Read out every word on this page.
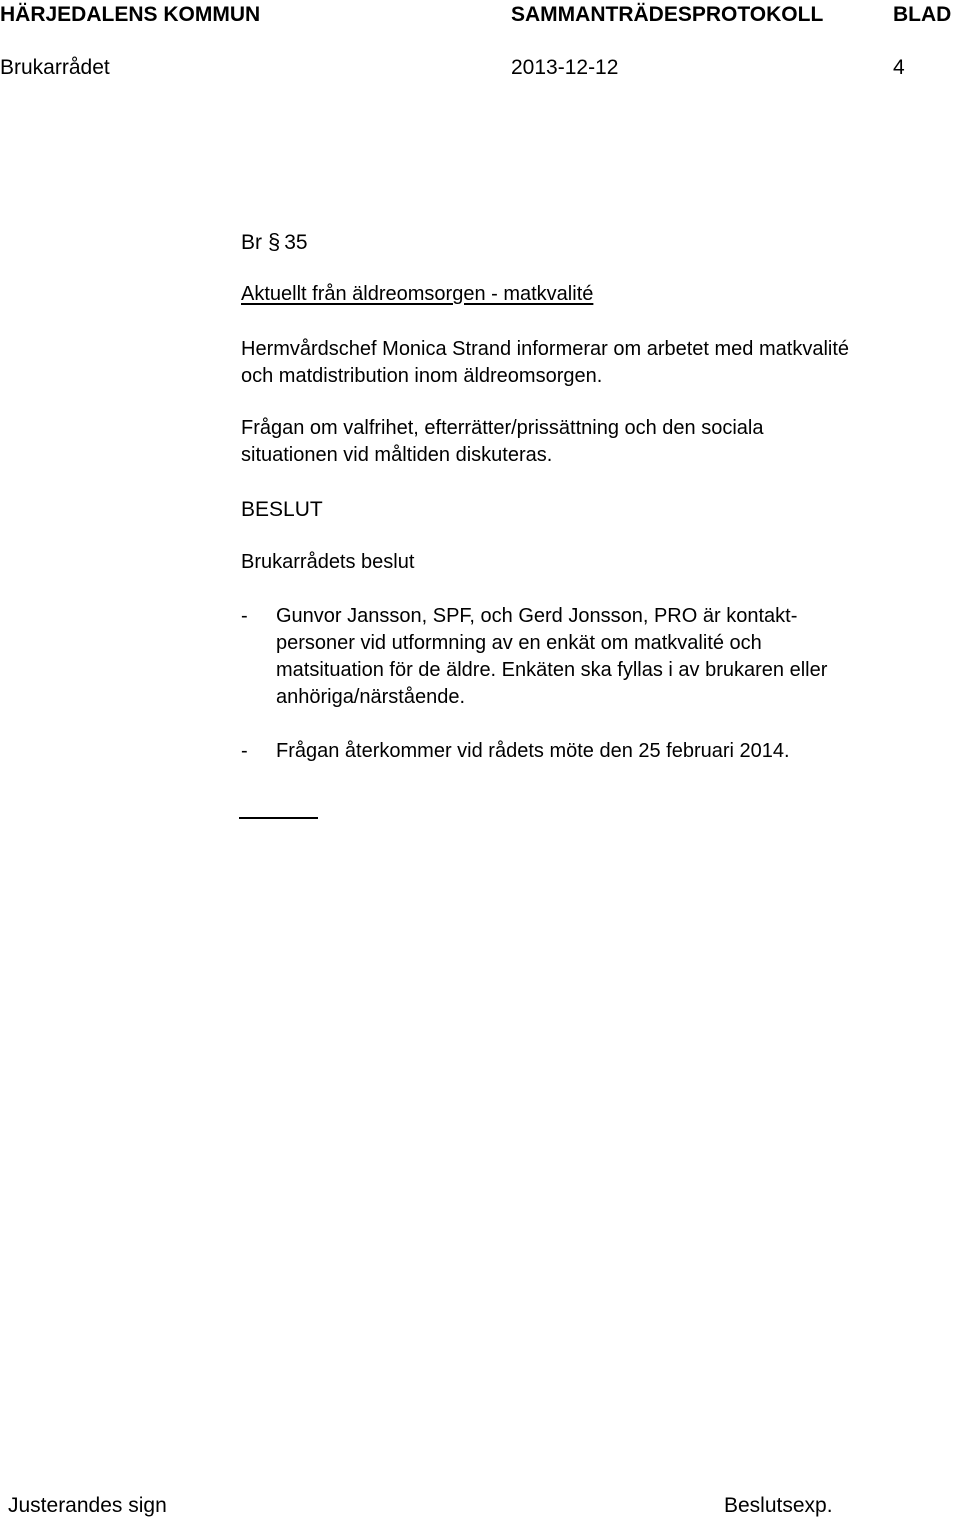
HÄRJEDALENS KOMMUN	SAMMANTRÄDESPROTOKOLL	BLAD
Brukarrådet	2013-12-12	4
Br § 35
Aktuellt från äldreomsorgen - matkvalité
Hermvårdschef Monica Strand informerar om arbetet med matkvalité
och matdistribution inom äldreomsorgen.
Frågan om valfrihet, efterrätter/prissättning och den sociala
situationen vid måltiden diskuteras.
BESLUT
Brukarrådets beslut
- Gunvor Jansson, SPF, och Gerd Jonsson, PRO är kontakt-
personer vid utformning av en enkät om matkvalité och
matsituation för de äldre. Enkäten ska fyllas i av brukaren eller
anhöriga/närstående.
- Frågan återkommer vid rådets möte den 25 februari 2014.
Justerandes sign	Beslutsexp.
